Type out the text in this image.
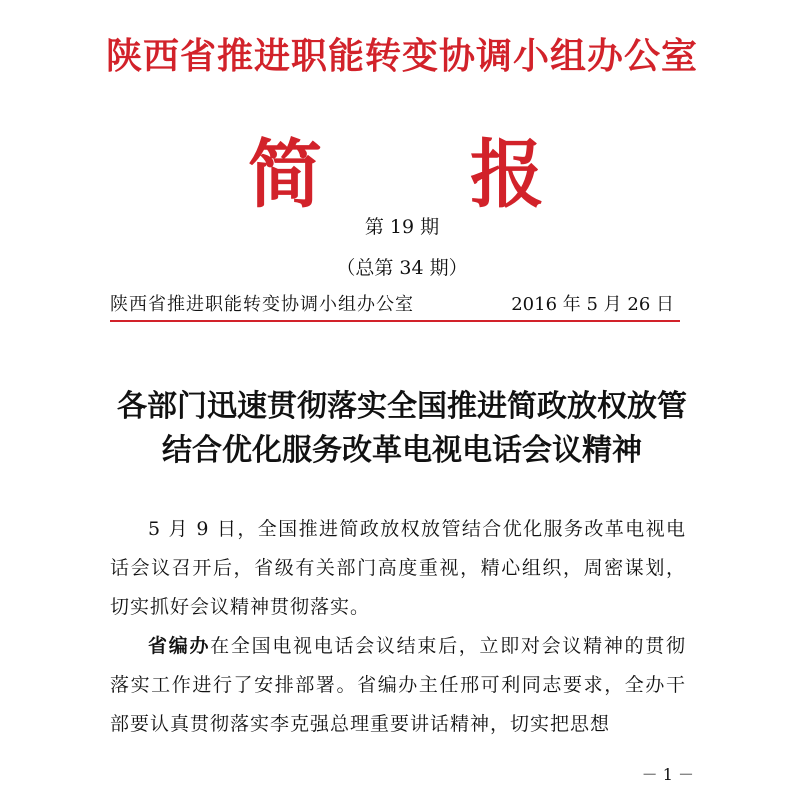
陕西省推进职能转变协调小组办公室
简 报
第 19 期
（总第 34 期）
陕西省推进职能转变协调小组办公室	2016 年 5 月 26 日
各部门迅速贯彻落实全国推进简政放权放管
结合优化服务改革电视电话会议精神

5 月 9 日，全国推进简政放权放管结合优化服务改革电视电话会议召开后，省级有关部门高度重视，精心组织，周密谋划，切实抓好会议精神贯彻落实。

省编办在全国电视电话会议结束后，立即对会议精神的贯彻落实工作进行了安排部署。省编办主任邢可利同志要求，全办干部要认真贯彻落实李克强总理重要讲话精神，切实把思想

－ 1 －
